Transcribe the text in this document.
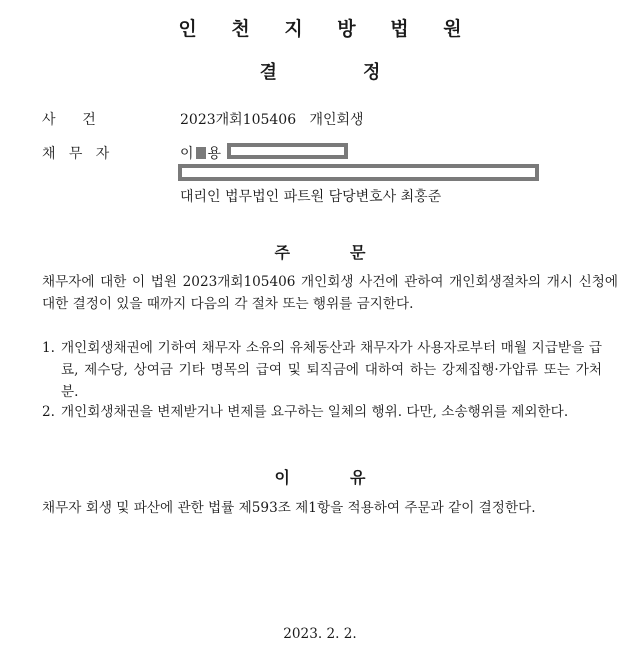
인 천 지 방 법 원
결	정
사      건	2023개회105406   개인회생
채   무   자	이 용
대리인 법무법인 파트원 담당변호사 최홍준
주	문
채무자에 대한 이 법원 2023개회105406 개인회생 사건에 관하여 개인회생절차의 개시 신청에 대한 결정이 있을 때까지 다음의 각 절차 또는 행위를 금지한다.
1. 개인회생채권에 기하여 채무자 소유의 유체동산과 채무자가 사용자로부터 매월 지급받을 급료, 제수당, 상여금 기타 명목의 급여 및 퇴직금에 대하여 하는 강제집행·가압류 또는 가처분.
2. 개인회생채권을 변제받거나 변제를 요구하는 일체의 행위. 다만, 소송행위를 제외한다.
이	유
채무자 회생 및 파산에 관한 법률 제593조 제1항을 적용하여 주문과 같이 결정한다.
2023. 2. 2.
